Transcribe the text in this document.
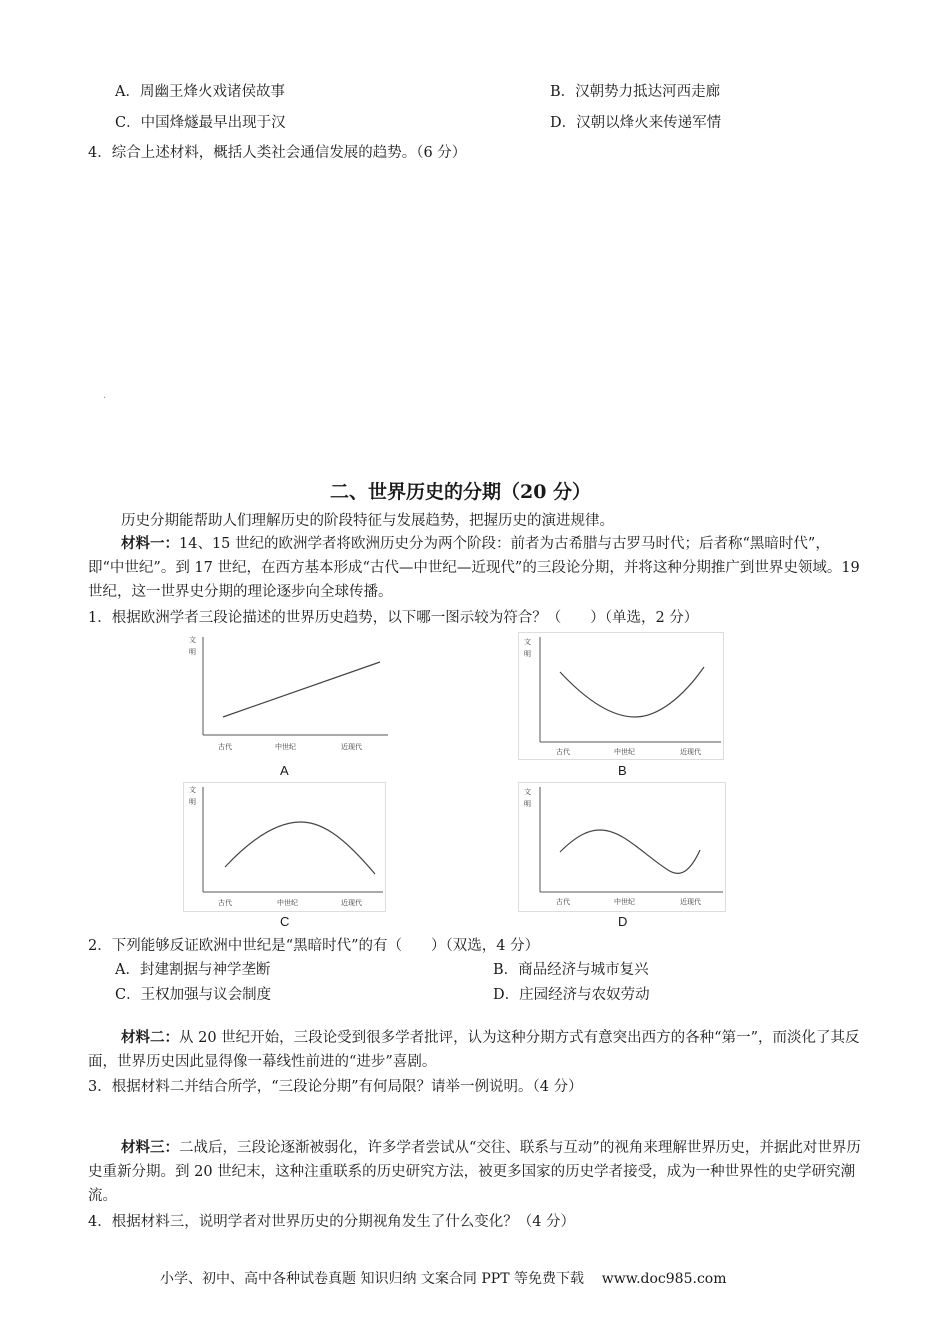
A．周幽王烽火戏诸侯故事	B．汉朝势力抵达河西走廊
C．中国烽燧最早出现于汉	D．汉朝以烽火来传递军情
4．综合上述材料，概括人类社会通信发展的趋势。（6 分）
.
二、世界历史的分期（20 分）
历史分期能帮助人们理解历史的阶段特征与发展趋势，把握历史的演进规律。
材料一：14、15 世纪的欧洲学者将欧洲历史分为两个阶段：前者为古希腊与古罗马时代；后者称“黑暗时代”，即“中世纪”。到 17 世纪，在西方基本形成“古代—中世纪—近现代”的三段论分期，并将这种分期推广到世界史领域。19 世纪，这一世界史分期的理论逐步向全球传播。
1．根据欧洲学者三段论描述的世界历史趋势，以下哪一图示较为符合？（　　）（单选，2 分）
文
明
古代	中世纪	近现代
A
文
明
古代	中世纪	近现代
B
文
明
古代	中世纪	近现代
C
文
明
古代	中世纪	近现代
D
2．下列能够反证欧洲中世纪是“黑暗时代”的有（　　）（双选，4 分）
A．封建割据与神学垄断	B．商品经济与城市复兴
C．王权加强与议会制度	D．庄园经济与农奴劳动
材料二：从 20 世纪开始，三段论受到很多学者批评，认为这种分期方式有意突出西方的各种“第一”，而淡化了其反面，世界历史因此显得像一幕线性前进的“进步”喜剧。
3．根据材料二并结合所学，“三段论分期”有何局限？请举一例说明。（4 分）
材料三：二战后，三段论逐渐被弱化，许多学者尝试从“交往、联系与互动”的视角来理解世界历史，并据此对世界历史重新分期。到 20 世纪末，这种注重联系的历史研究方法，被更多国家的历史学者接受，成为一种世界性的史学研究潮流。
4．根据材料三，说明学者对世界历史的分期视角发生了什么变化？（4 分）
小学、初中、高中各种试卷真题 知识归纳 文案合同 PPT 等免费下载 www.doc985.com
